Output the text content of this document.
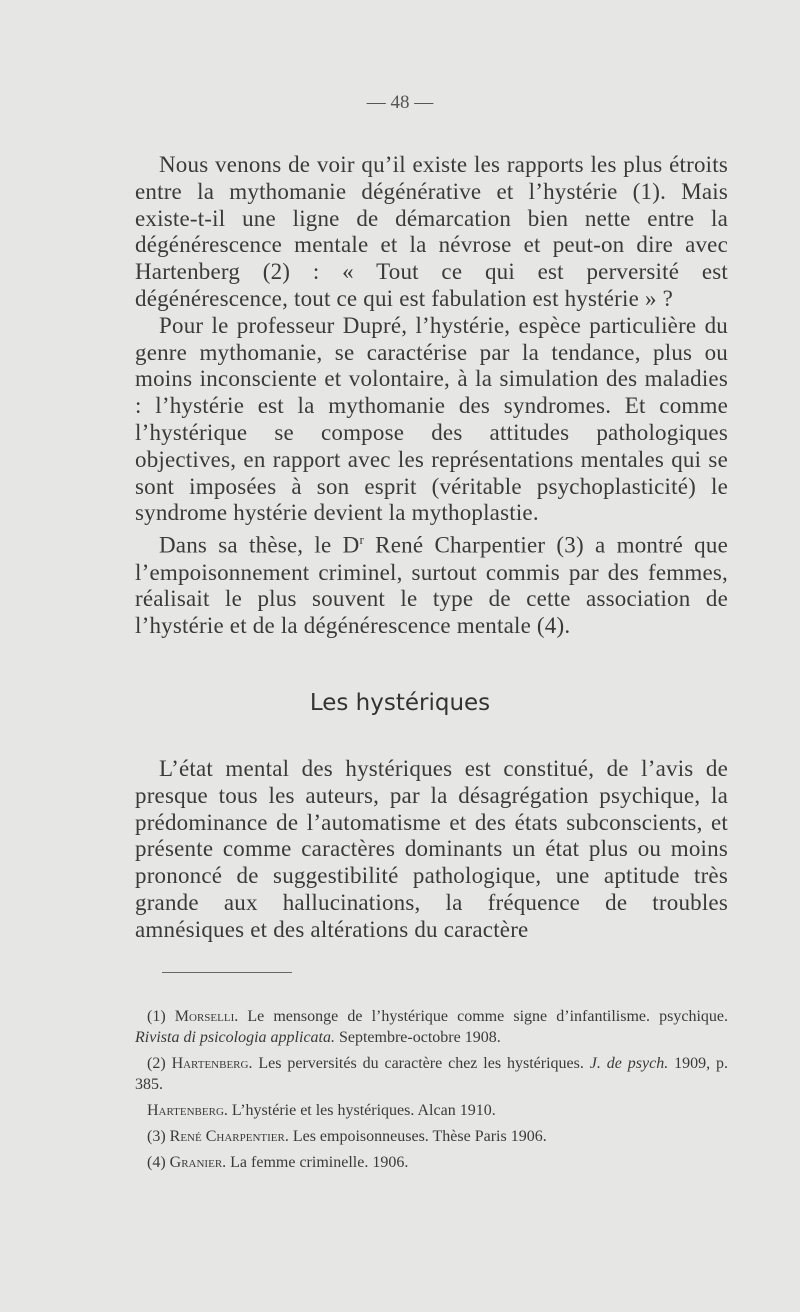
— 48 —

Nous venons de voir qu’il existe les rapports les plus étroits entre la mythomanie dégénérative et l’hystérie (1). Mais existe-t-il une ligne de démarcation bien nette entre la dégénérescence mentale et la névrose et peut-on dire avec Hartenberg (2) : « Tout ce qui est perversité est dégénérescence, tout ce qui est fabulation est hystérie » ?

Pour le professeur Dupré, l’hystérie, espèce particulière du genre mythomanie, se caractérise par la tendance, plus ou moins inconsciente et volontaire, à la simulation des maladies : l’hystérie est la mythomanie des syndromes. Et comme l’hystérique se compose des attitudes pathologiques objectives, en rapport avec les représentations mentales qui se sont imposées à son esprit (véritable psychoplasticité) le syndrome hystérie devient la mythoplastie.

Dans sa thèse, le $D^r$ René Charpentier (3) a montré que l’empoisonnement criminel, surtout commis par des femmes, réalisait le plus souvent le type de cette association de l’hystérie et de la dégénérescence mentale (4).

Les hystériques

L’état mental des hystériques est constitué, de l’avis de presque tous les auteurs, par la désagrégation psychique, la prédominance de l’automatisme et des états subconscients, et présente comme caractères dominants un état plus ou moins prononcé de suggestibilité pathologique, une aptitude très grande aux hallucinations, la fréquence de troubles amnésiques et des altérations du caractère

(1) Morselli. Le mensonge de l’hystérique comme signe d’infantilisme. psychique. Rivista di psicologia applicata. Septembre-octobre 1908.

(2) Hartenberg. Les perversités du caractère chez les hystériques. J. de psych. 1909, p. 385.

Hartenberg. L’hystérie et les hystériques. Alcan 1910.

(3) René Charpentier. Les empoisonneuses. Thèse Paris 1906.

(4) Granier. La femme criminelle. 1906.
